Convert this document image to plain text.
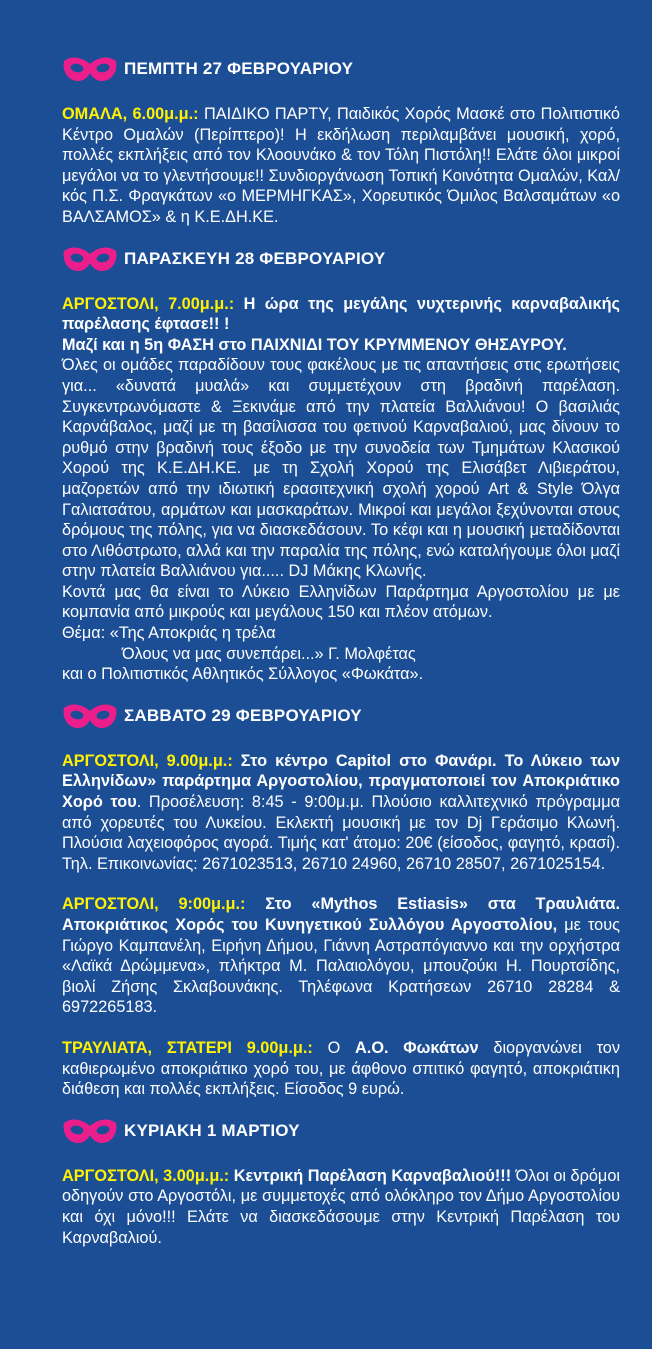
ΠΕΜΠΤΗ 27 ΦΕΒΡΟΥΑΡΙΟΥ

ΟΜΑΛΑ, 6.00μ.μ.: ΠΑΙΔΙΚΟ ΠΑΡΤΥ, Παιδικός Χορός Μασκέ στο Πολιτιστικό Κέντρο Ομαλών (Περίπτερο)! Η εκδήλωση περιλαμβάνει μουσική, χορό, πολλές εκπλήξεις από τον Κλοουνάκο & τον Τόλη Πιστόλη!! Ελάτε όλοι μικροί μεγάλοι να το γλεντήσουμε!! Συνδιοργάνωση Τοπική Κοινότητα Ομαλών, Καλ/κός Π.Σ. Φραγκάτων «ο ΜΕΡΜΗΓΚΑΣ», Χορευτικός Όμιλος Βαλσαμάτων «ο ΒΑΛΣΑΜΟΣ» & η Κ.Ε.ΔΗ.ΚΕ.

ΠΑΡΑΣΚΕΥΗ 28 ΦΕΒΡΟΥΑΡΙΟΥ

ΑΡΓΟΣΤΟΛΙ, 7.00μ.μ.: Η ώρα της μεγάλης νυχτερινής καρναβαλικής παρέλασης έφτασε!! !
Μαζί και η 5η ΦΑΣΗ στο ΠΑΙΧΝΙΔΙ ΤΟΥ ΚΡΥΜΜΕΝΟΥ ΘΗΣΑΥΡΟΥ.
Όλες οι ομάδες παραδίδουν τους φακέλους με τις απαντήσεις στις ερωτήσεις για... «δυνατά μυαλά» και συμμετέχουν στη βραδινή παρέλαση. Συγκεντρωνόμαστε & Ξεκινάμε από την πλατεία Βαλλιάνου! Ο βασιλιάς Καρνάβαλος, μαζί με τη βασίλισσα του φετινού Καρναβαλιού, μας δίνουν το ρυθμό στην βραδινή τους έξοδο με την συνοδεία των Τμημάτων Κλασικού Χορού της Κ.Ε.ΔΗ.ΚΕ. με τη Σχολή Χορού της Ελισάβετ Λιβιεράτου, μαζορετών από την ιδιωτική ερασιτεχνική σχολή χορού Art & Style Όλγα Γαλιατσάτου, αρμάτων και μασκαράτων. Μικροί και μεγάλοι ξεχύνονται στους δρόμους της πόλης, για να διασκεδάσουν. Το κέφι και η μουσική μεταδίδονται στο Λιθόστρωτο, αλλά και την παραλία της πόλης, ενώ καταλήγουμε όλοι μαζί στην πλατεία Βαλλιάνου για..... DJ Μάκης Κλωνής.
Κοντά μας θα είναι το Λύκειο Ελληνίδων Παράρτημα Αργοστολίου με με κομπανία από μικρούς και μεγάλους 150 και πλέον ατόμων.
Θέμα: «Της Αποκριάς η τρέλα
Όλους να μας συνεπάρει...» Γ. Μολφέτας
και ο Πολιτιστικός Αθλητικός Σύλλογος «Φωκάτα».

ΣΑΒΒΑΤΟ 29 ΦΕΒΡΟΥΑΡΙΟΥ

ΑΡΓΟΣΤΟΛΙ, 9.00μ.μ.: Στο κέντρο Capitol στο Φανάρι. Το Λύκειο των Ελληνίδων» παράρτημα Αργοστολίου, πραγματοποιεί τον Αποκριάτικο Χορό του. Προσέλευση: 8:45 - 9:00μ.μ. Πλούσιο καλλιτεχνικό πρόγραμμα από χορευτές του Λυκείου. Εκλεκτή μουσική με τον Dj Γεράσιμο Κλωνή. Πλούσια λαχειοφόρος αγορά. Τιμής κατ' άτομο: 20€ (είσοδος, φαγητό, κρασί). Τηλ. Επικοινωνίας: 2671023513, 26710 24960, 26710 28507, 2671025154.

ΑΡΓΟΣΤΟΛΙ, 9:00μ.μ.: Στο «Mythos Estiasis» στα Τραυλιάτα. Αποκριάτικος Χορός του Κυνηγετικού Συλλόγου Αργοστολίου, με τους Γιώργο Καμπανέλη, Ειρήνη Δήμου, Γιάννη Αστραπόγιαννο και την ορχήστρα «Λαϊκά Δρώμμενα», πλήκτρα Μ. Παλαιολόγου, μπουζούκι Η. Πουρτσίδης, βιολί Ζήσης Σκλαβουνάκης. Τηλέφωνα Κρατήσεων 26710 28284 & 6972265183.

ΤΡΑΥΛΙΑΤΑ, ΣΤΑΤΕΡΙ 9.00μ.μ.: Ο Α.Ο. Φωκάτων διοργανώνει τον καθιερωμένο αποκριάτικο χορό του, με άφθονο σπιτικό φαγητό, αποκριάτικη διάθεση και πολλές εκπλήξεις. Είσοδος 9 ευρώ.

ΚΥΡΙΑΚΗ 1 ΜΑΡΤΙΟΥ

ΑΡΓΟΣΤΟΛΙ, 3.00μ.μ.: Κεντρική Παρέλαση Καρναβαλιού!!! Όλοι οι δρόμοι οδηγούν στο Αργοστόλι, με συμμετοχές από ολόκληρο τον Δήμο Αργοστολίου και όχι μόνο!!! Ελάτε να διασκεδάσουμε στην Κεντρική Παρέλαση του Καρναβαλιού.
